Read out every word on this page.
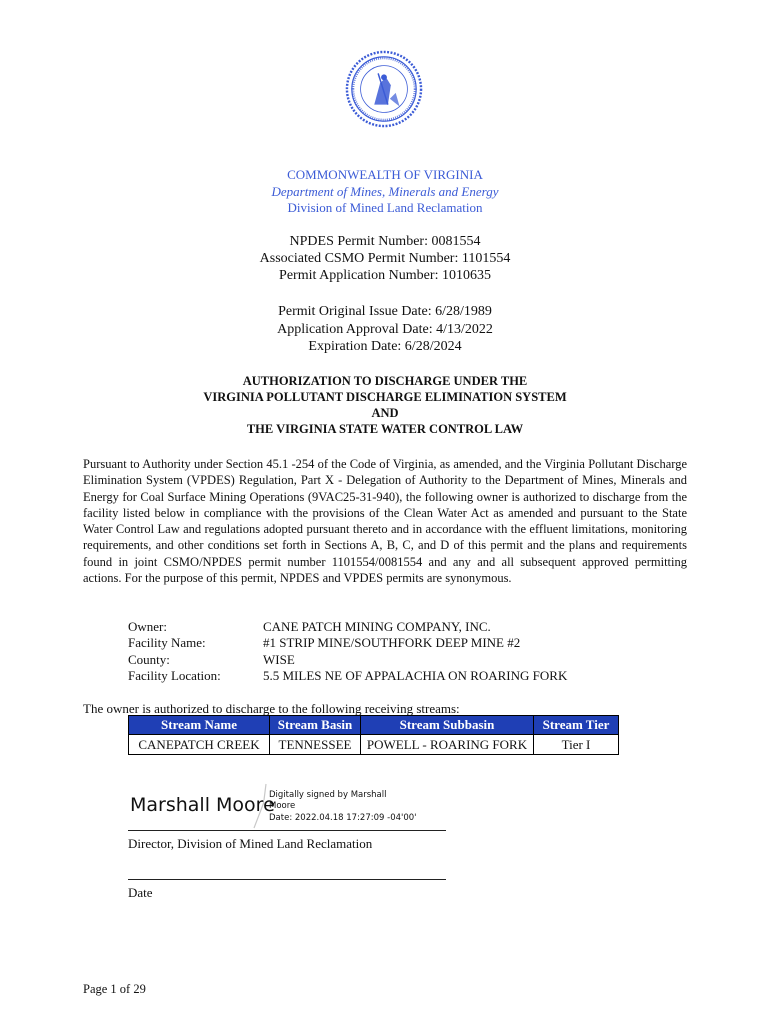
COMMONWEALTH OF VIRGINIA
Department of Mines, Minerals and Energy
Division of Mined Land Reclamation
NPDES Permit Number: 0081554
Associated CSMO Permit Number: 1101554
Permit Application Number: 1010635
Permit Original Issue Date: 6/28/1989
Application Approval Date: 4/13/2022
Expiration Date: 6/28/2024
AUTHORIZATION TO DISCHARGE UNDER THE
VIRGINIA POLLUTANT DISCHARGE ELIMINATION SYSTEM
AND
THE VIRGINIA STATE WATER CONTROL LAW
Pursuant to Authority under Section 45.1 -254 of the Code of Virginia, as amended, and the Virginia Pollutant Discharge Elimination System (VPDES) Regulation, Part X - Delegation of Authority to the Department of Mines, Minerals and Energy for Coal Surface Mining Operations (9VAC25-31-940), the following owner is authorized to discharge from the facility listed below in compliance with the provisions of the Clean Water Act as amended and pursuant to the State Water Control Law and regulations adopted pursuant thereto and in accordance with the effluent limitations, monitoring requirements, and other conditions set forth in Sections A, B, C, and D of this permit and the plans and requirements found in joint CSMO/NPDES permit number 1101554/0081554 and any and all subsequent approved permitting actions. For the purpose of this permit, NPDES and VPDES permits are synonymous.
Owner:	CANE PATCH MINING COMPANY, INC.
Facility Name:	#1 STRIP MINE/SOUTHFORK DEEP MINE #2
County:	WISE
Facility Location:	5.5 MILES NE OF APPALACHIA ON ROARING FORK
The owner is authorized to discharge to the following receiving streams:
Stream Name	Stream Basin	Stream Subbasin	Stream Tier
CANEPATCH CREEK	TENNESSEE	POWELL - ROARING FORK	Tier I
Marshall Moore
Digitally signed by Marshall
Moore
Date: 2022.04.18 17:27:09 -04'00'
Director, Division of Mined Land Reclamation
Date
Page 1 of 29
